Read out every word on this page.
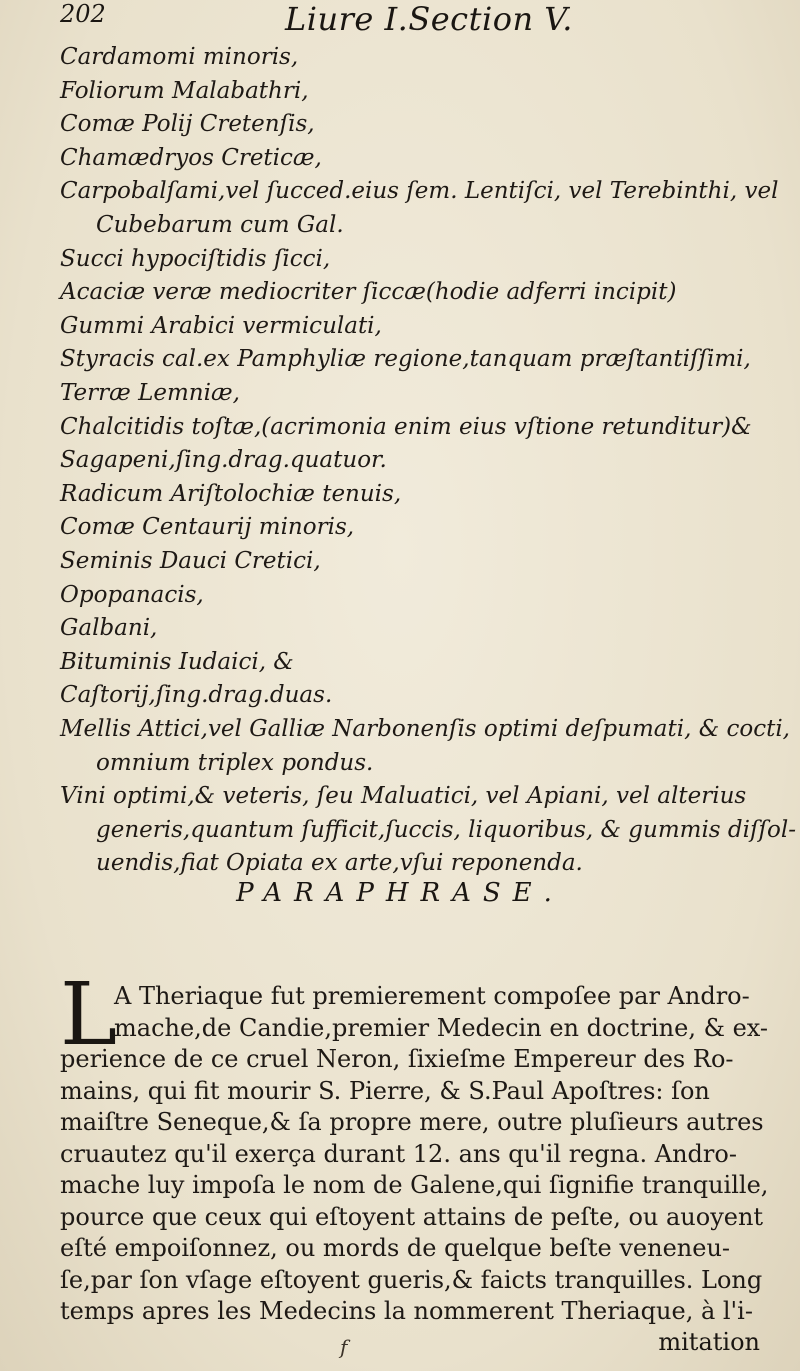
202	Liure I.Section V.
Cardamomi minoris,
Foliorum Malabathri,
Comæ Polij Cretenſis,
Chamædryos Creticæ,
Carpobalſami,vel ſucced.eius ſem. Lentiſci, vel Terebinthi, vel
Cubebarum cum Gal.
Succi hypociſtidis ſicci,
Acaciæ veræ mediocriter ſiccæ(hodie adferri incipit)
Gummi Arabici vermiculati,
Styracis cal.ex Pamphyliæ regione,tanquam præſtantiſſimi,
Terræ Lemniæ,
Chalcitidis toſtæ,(acrimonia enim eius vſtione retunditur)&
Sagapeni,ſing.drag.quatuor.
Radicum Ariſtolochiæ tenuis,
Comæ Centaurij minoris,
Seminis Dauci Cretici,
Opopanacis,
Galbani,
Bituminis Iudaici, &
Caſtorij,ſing.drag.duas.
Mellis Attici,vel Galliæ Narbonenſis optimi deſpumati, & cocti,
omnium triplex pondus.
Vini optimi,& veteris, ſeu Maluatici, vel Apiani, vel alterius
generis,quantum ſufficit,ſuccis, liquoribus, & gummis diſſol-
uendis,fiat Opiata ex arte,vſui reponenda.
PARAPHRASE.
L
A Theriaque fut premierement compoſee par Andro-
mache,de Candie,premier Medecin en doctrine, & ex-
perience de ce cruel Neron, ſixieſme Empereur des Ro-
mains, qui fit mourir S. Pierre, & S.Paul Apoſtres: ſon
maiſtre Seneque,& ſa propre mere, outre pluſieurs autres
cruautez qu'il exerça durant 12. ans qu'il regna. Andro-
mache luy impoſa le nom de Galene,qui ſignifie tranquille,
pource que ceux qui eſtoyent attains de peſte, ou auoyent
eſté empoiſonnez, ou mords de quelque beſte veneneu-
ſe,par ſon vſage eſtoyent gueris,& faicts tranquilles. Long
temps apres les Medecins la nommerent Theriaque, à l'i-
mitation
f
